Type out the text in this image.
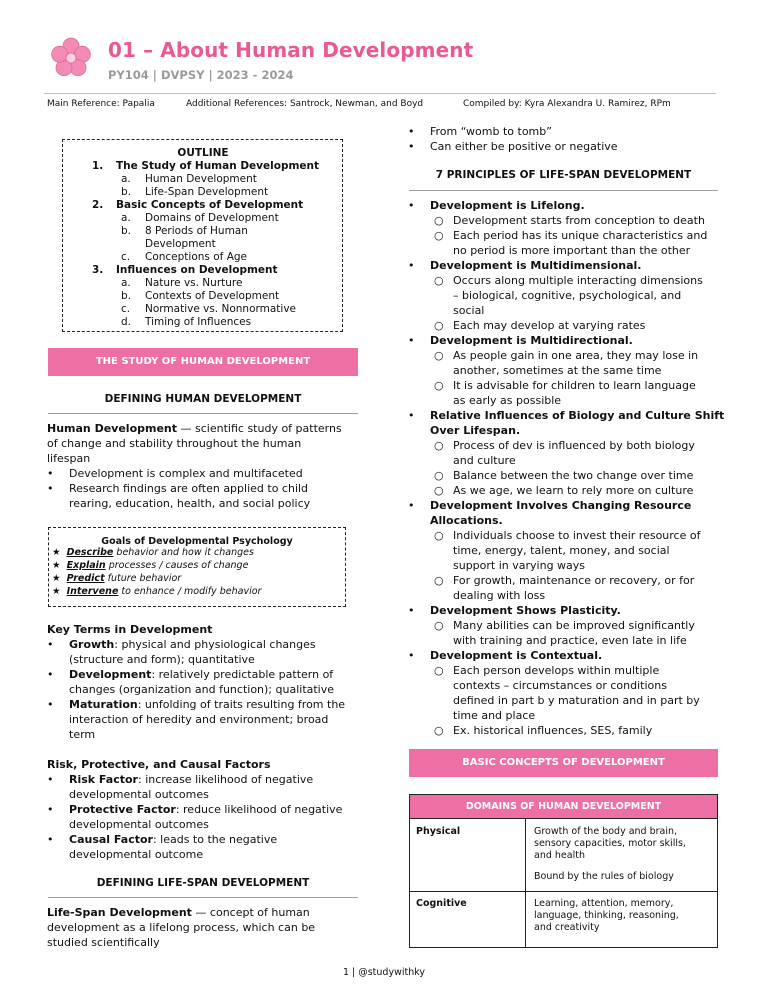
01 – About Human Development
PY104 | DVPSY | 2023 - 2024
Main Reference: Papalia	Additional References: Santrock, Newman, and Boyd	Compiled by: Kyra Alexandra U. Ramirez, RPm
OUTLINE
1. The Study of Human Development
a. Human Development
b. Life-Span Development
2. Basic Concepts of Development
a. Domains of Development
b. 8 Periods of Human
Development
c. Conceptions of Age
3. Influences on Development
a. Nature vs. Nurture
b. Contexts of Development
c. Normative vs. Nonnormative
d. Timing of Influences
THE STUDY OF HUMAN DEVELOPMENT
DEFINING HUMAN DEVELOPMENT
Human Development — scientific study of patterns
of change and stability throughout the human
lifespan
• Development is complex and multifaceted
• Research findings are often applied to child
rearing, education, health, and social policy
Goals of Developmental Psychology
★ Describe behavior and how it changes
★ Explain processes / causes of change
★ Predict future behavior
★ Intervene to enhance / modify behavior
Key Terms in Development
• Growth: physical and physiological changes
(structure and form); quantitative
• Development: relatively predictable pattern of
changes (organization and function); qualitative
• Maturation: unfolding of traits resulting from the
interaction of heredity and environment; broad
term
Risk, Protective, and Causal Factors
• Risk Factor: increase likelihood of negative
developmental outcomes
• Protective Factor: reduce likelihood of negative
developmental outcomes
• Causal Factor: leads to the negative
developmental outcome
DEFINING LIFE-SPAN DEVELOPMENT
Life-Span Development — concept of human
development as a lifelong process, which can be
studied scientifically
• From “womb to tomb”
• Can either be positive or negative
7 PRINCIPLES OF LIFE-SPAN DEVELOPMENT
• Development is Lifelong.
○ Development starts from conception to death
○ Each period has its unique characteristics and
no period is more important than the other
• Development is Multidimensional.
○ Occurs along multiple interacting dimensions
– biological, cognitive, psychological, and
social
○ Each may develop at varying rates
• Development is Multidirectional.
○ As people gain in one area, they may lose in
another, sometimes at the same time
○ It is advisable for children to learn language
as early as possible
• Relative Influences of Biology and Culture Shift
Over Lifespan.
○ Process of dev is influenced by both biology
and culture
○ Balance between the two change over time
○ As we age, we learn to rely more on culture
• Development Involves Changing Resource
Allocations.
○ Individuals choose to invest their resource of
time, energy, talent, money, and social
support in varying ways
○ For growth, maintenance or recovery, or for
dealing with loss
• Development Shows Plasticity.
○ Many abilities can be improved significantly
with training and practice, even late in life
• Development is Contextual.
○ Each person develops within multiple
contexts – circumstances or conditions
defined in part b y maturation and in part by
time and place
○ Ex. historical influences, SES, family
BASIC CONCEPTS OF DEVELOPMENT
DOMAINS OF HUMAN DEVELOPMENT
Physical	Growth of the body and brain,
sensory capacities, motor skills,
and health
Bound by the rules of biology
Cognitive	Learning, attention, memory,
language, thinking, reasoning,
and creativity
1 | @studywithky
